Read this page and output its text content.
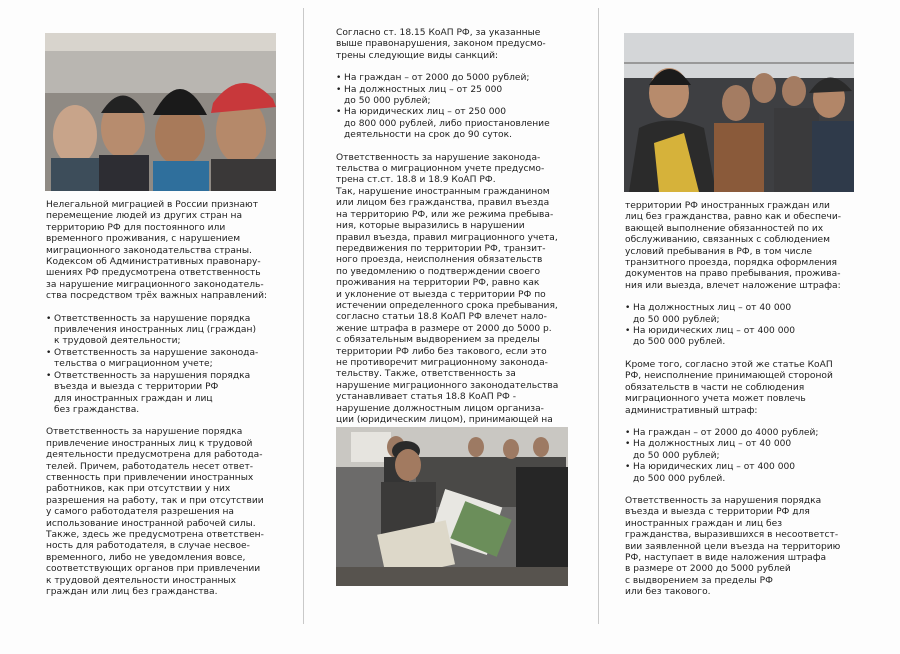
Нелегальной миграцией в России признают
перемещение людей из других стран на
территорию РФ для постоянного или
временного проживания, с нарушением
миграционного законодательства страны.
Кодексом об Административных правонару-
шениях РФ предусмотрена ответственность
за нарушение миграционного законодатель-
ства посредством трёх важных направлений:

• Ответственность за нарушение порядка
привлечения иностранных лиц (граждан)
к трудовой деятельности;
• Ответственность за нарушение законода-
тельства о миграционном учете;
• Ответственность за нарушения порядка
въезда и выезда с территории РФ
для иностранных граждан и лиц
без гражданства.

Ответственность за нарушение порядка
привлечение иностранных лиц к трудовой
деятельности предусмотрена для работода-
телей. Причем, работодатель несет ответ-
ственность при привлечении иностранных
работников, как при отсутствии у них
разрешения на работу, так и при отсутствии
у самого работодателя разрешения на
использование иностранной рабочей силы.
Также, здесь же предусмотрена ответствен-
ность для работодателя, в случае несвое-
временного, либо не уведомления вовсе,
соответствующих органов при привлечении
к трудовой деятельности иностранных
граждан или лиц без гражданства.

Согласно ст. 18.15 КоАП РФ, за указанные
выше правонарушения, законом предусмо-
трены следующие виды санкций:

• На граждан – от 2000 до 5000 рублей;
• На должностных лиц – от 25 000
до 50 000 рублей;
• На юридических лиц – от 250 000
до 800 000 рублей, либо приостановление
деятельности на срок до 90 суток.

Ответственность за нарушение законода-
тельства о миграционном учете предусмо-
трена ст.ст. 18.8 и 18.9 КоАП РФ.
Так, нарушение иностранным гражданином
или лицом без гражданства, правил въезда
на территорию РФ, или же режима пребыва-
ния, которые выразились в нарушении
правил въезда, правил миграционного учета,
передвижения по территории РФ, транзит-
ного проезда, неисполнения обязательств
по уведомлению о подтверждении своего
проживания на территории РФ, равно как
и уклонение от выезда с территории РФ по
истечении определенного срока пребывания,
согласно статьи 18.8 КоАП РФ влечет нало-
жение штрафа в размере от 2000 до 5000 р.
с обязательным выдворением за пределы
территории РФ либо без такового, если это
не противоречит миграционному законода-
тельству. Также, ответственность за
нарушение миграционного законодательства
устанавливает статья 18.8 КоАП РФ -
нарушение должностным лицом организа-
ции (юридическим лицом), принимающей на

территории РФ иностранных граждан или
лиц без гражданства, равно как и обеспечи-
вающей выполнение обязанностей по их
обслуживанию, связанных с соблюдением
условий пребывания в РФ, в том числе
транзитного проезда, порядка оформления
документов на право пребывания, прожива-
ния или выезда, влечет наложение штрафа:

• На должностных лиц – от 40 000
до 50 000 рублей;
• На юридических лиц – от 400 000
до 500 000 рублей.

Кроме того, согласно этой же статье КоАП
РФ, неисполнение принимающей стороной
обязательств в части не соблюдения
миграционного учета может повлечь
административный штраф:

• На граждан – от 2000 до 4000 рублей;
• На должностных лиц – от 40 000
до 50 000 рублей;
• На юридических лиц – от 400 000
до 500 000 рублей.

Ответственность за нарушения порядка
въезда и выезда с территории РФ для
иностранных граждан и лиц без
гражданства, выразившихся в несоответст-
вии заявленной цели въезда на территорию
РФ, наступает в виде наложения штрафа
в размере от 2000 до 5000 рублей
с выдворением за пределы РФ
или без такового.
